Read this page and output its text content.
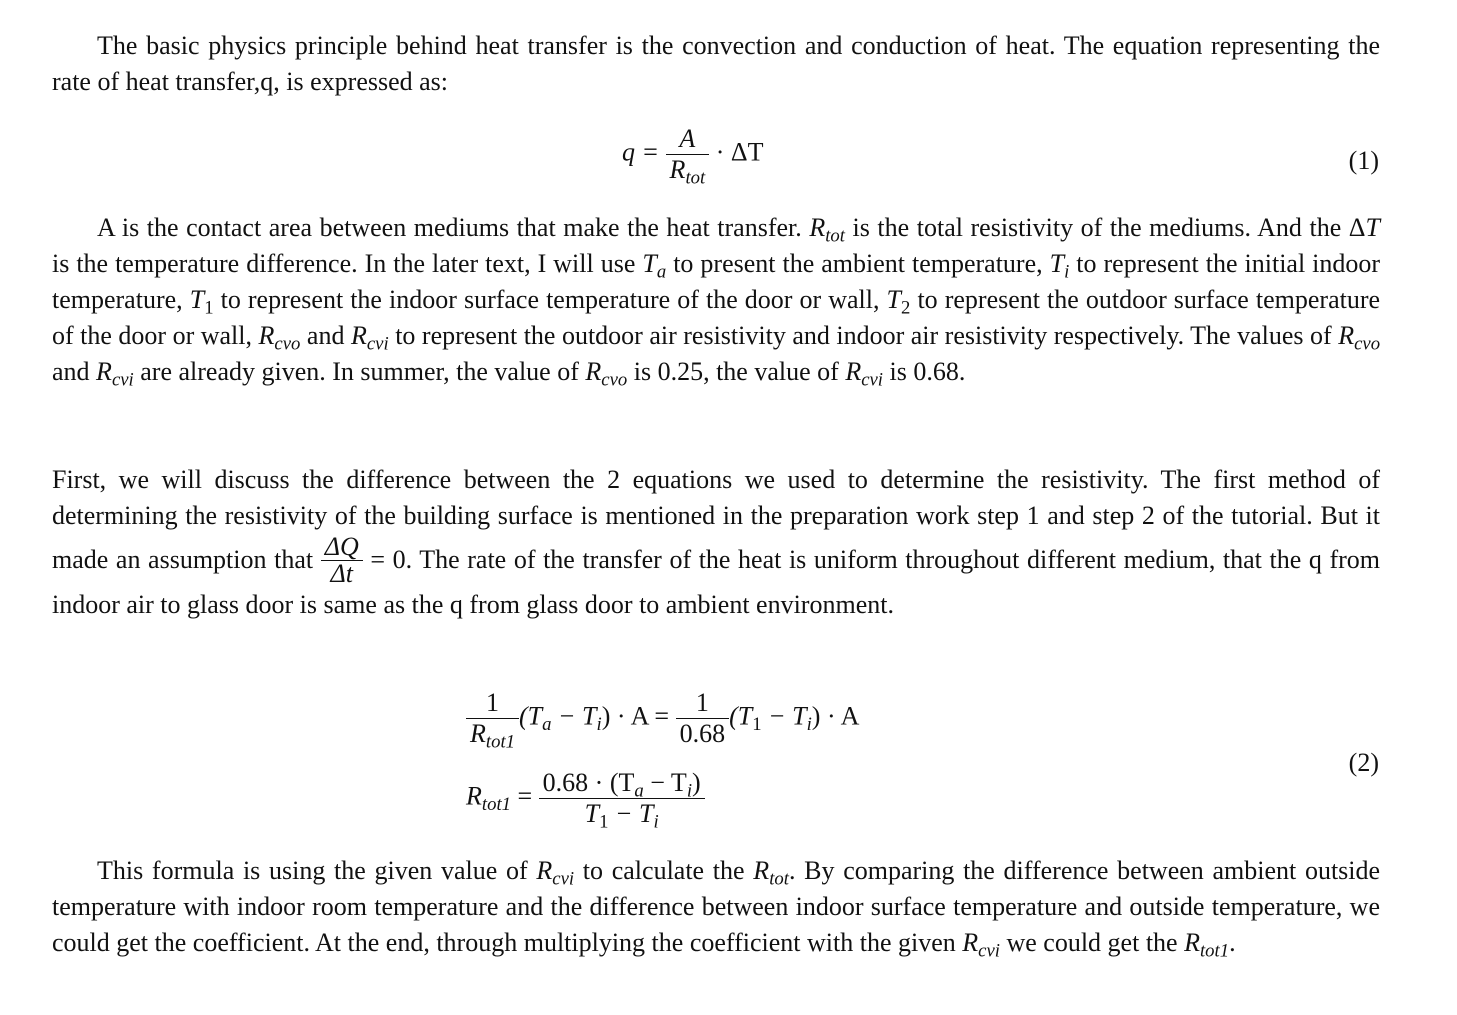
The basic physics principle behind heat transfer is the convection and conduction of heat. The equation representing the rate of heat transfer,q, is expressed as:

$q = \frac{A}{R_{tot}} \cdot \Delta T$	(1)

A is the contact area between mediums that make the heat transfer. $R_{tot}$ is the total resistivity of the mediums. And the ΔT is the temperature difference. In the later text, I will use $T_a$ to present the ambient temperature, $T_i$ to represent the initial indoor temperature, $T_1$ to represent the indoor surface temperature of the door or wall, $T_2$ to represent the outdoor surface temperature of the door or wall, $R_{cvo}$ and $R_{cvi}$ to represent the outdoor air resistivity and indoor air resistivity respectively. The values of $R_{cvo}$ and $R_{cvi}$ are already given. In summer, the value of $R_{cvo}$ is 0.25, the value of $R_{cvi}$ is 0.68.

First, we will discuss the difference between the 2 equations we used to determine the resistivity. The first method of determining the resistivity of the building surface is mentioned in the preparation work step 1 and step 2 of the tutorial. But it made an assumption that $\frac{\Delta Q}{\Delta t} = 0$. The rate of the transfer of the heat is uniform throughout different medium, that the q from indoor air to glass door is same as the q from glass door to ambient environment.

$\frac{1}{R_{tot1}} (T_a - T_i) \cdot A = \frac{1}{0.68} (T_1 - T_i) \cdot A$
$R_{tot1} = \frac{0.68 \cdot (T_a - T_i)}{T_1 - T_i}$
(2)

This formula is using the given value of $R_{cvi}$ to calculate the $R_{tot}$. By comparing the difference between ambient outside temperature with indoor room temperature and the difference between indoor surface temperature and outside temperature, we could get the coefficient. At the end, through multiplying the coefficient with the given $R_{cvi}$ we could get the $R_{tot1}$.
